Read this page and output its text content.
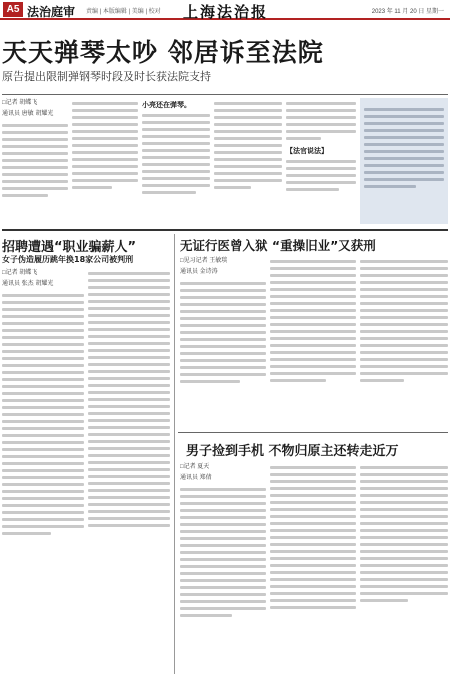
A5 法治庭审 责编 | 本版编辑 | 美编 | 校对 上海法治报	2023 年 11 月 20 日 星期一
天天弹琴太吵 邻居诉至法院
原告提出限制弹钢琴时段及时长获法院支持
□记者 胡蝶飞
通讯员 唐敏 胡耀光
小亮还在弹琴。
【法官说法】
招聘遭遇“职业骗薪人”
女子伪造履历跳年换18家公司被判刑
□记者 胡蝶飞
通讯员 张杰 胡耀光
无证行医曾入狱 “重操旧业”又获刑
□见习记者 王敏琰
通讯员 金诗涛
男子捡到手机 不物归原主还转走近万
□记者 夏天
通讯员 郑倩
